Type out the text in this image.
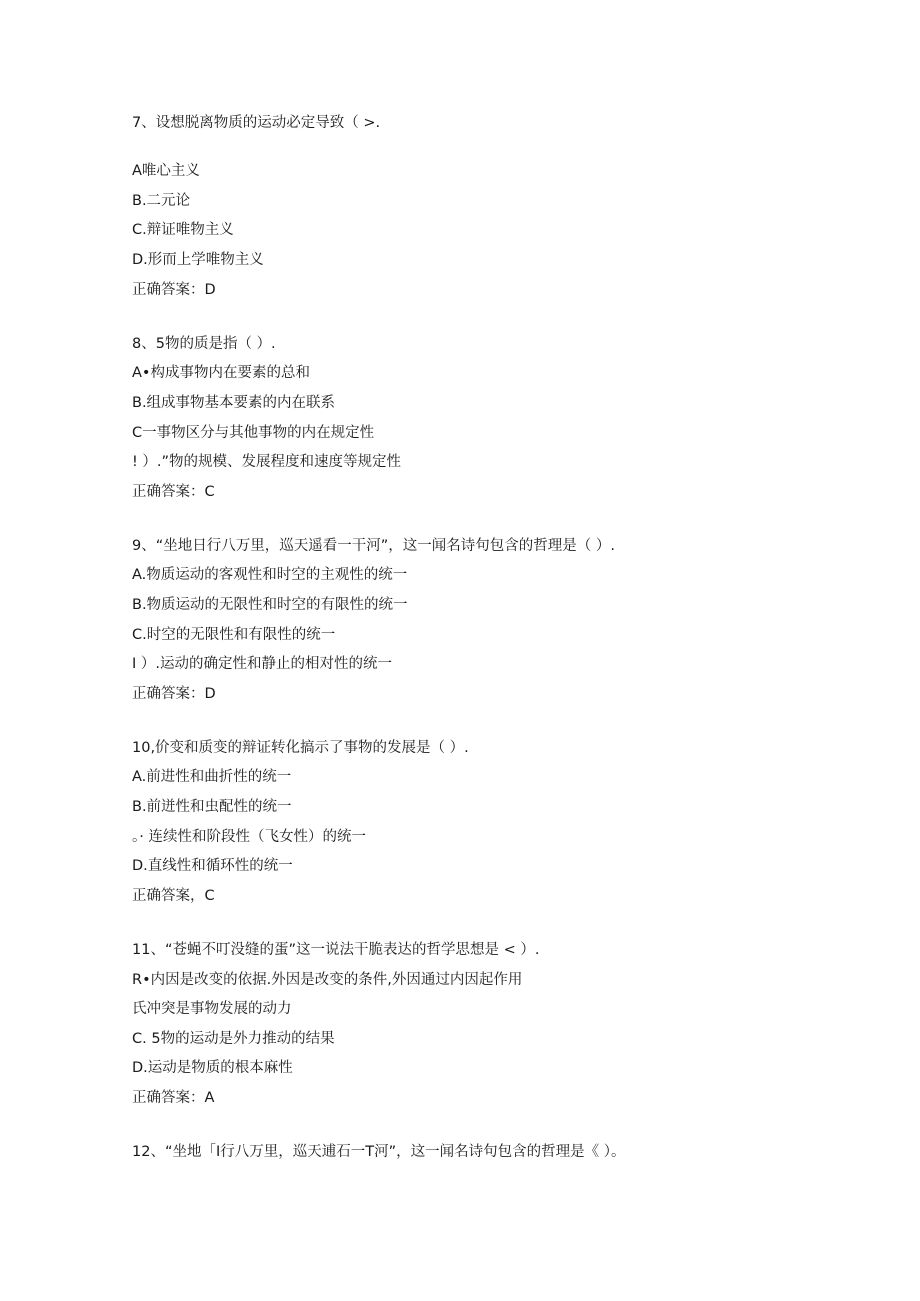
7、设想脱离物质的运动必定导致（ >.
A唯心主义
B.二元论
C.辩证唯物主义
D.形而上学唯物主义
正确答案：D
8、5物的质是指（ ）.
A•构成事物内在要素的总和
B.组成事物基本要素的内在联系
C一事物区分与其他事物的内在规定性
! ）.”物的规模、发展程度和速度等规定性
正确答案：C
9、“坐地日行八万里，巡天遥看一干河”，这一闻名诗句包含的哲理是（ ）.
A.物质运动的客观性和时空的主观性的统一
B.物质运动的无限性和时空的有限性的统一
C.时空的无限性和有限性的统一
I ）.运动的确定性和静止的相对性的统一
正确答案：D
10,价变和质变的辩证转化搞示了事物的发展是（ ）.
A.前进性和曲折性的统一
B.前迸性和虫配性的统一
。· 连续性和阶段性（飞女性）的统一
D.直线性和循环性的统一
正确答案，C
11、“苍蝇不叮没缝的蛋”这一说法干脆表达的哲学思想是 < ）.
R•内因是改变的依据.外因是改变的条件,外因通过内因起作用
氏冲突是事物发展的动力
C. 5物的运动是外力推动的结果
D.运动是物质的根本麻性
正确答案：A
12、“坐地「I行八万里，巡天逋石一T河”，这一闻名诗句包含的哲理是《 ）。
